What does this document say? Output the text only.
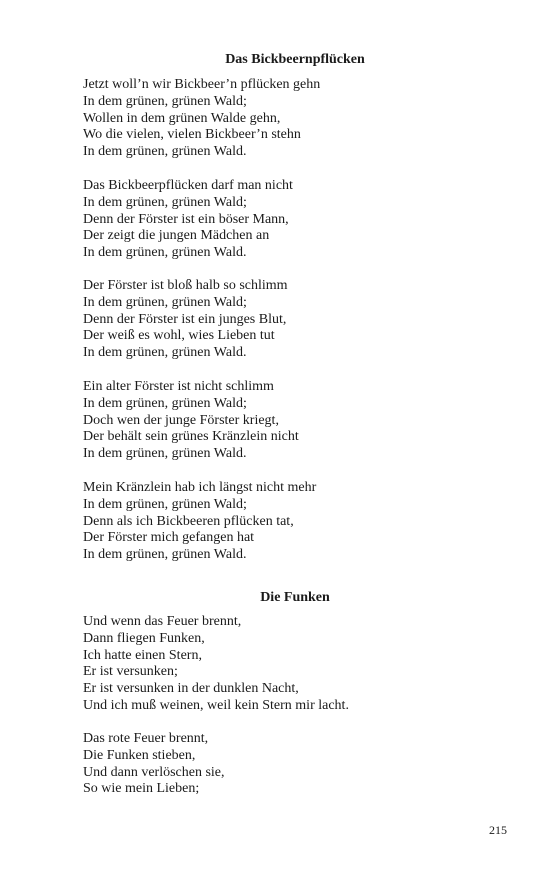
Das Bickbeernpflücken
Jetzt woll’n wir Bickbeer’n pflücken gehn
In dem grünen, grünen Wald;
Wollen in dem grünen Walde gehn,
Wo die vielen, vielen Bickbeer’n stehn
In dem grünen, grünen Wald.
Das Bickbeerpflücken darf man nicht
In dem grünen, grünen Wald;
Denn der Förster ist ein böser Mann,
Der zeigt die jungen Mädchen an
In dem grünen, grünen Wald.
Der Förster ist bloß halb so schlimm
In dem grünen, grünen Wald;
Denn der Förster ist ein junges Blut,
Der weiß es wohl, wies Lieben tut
In dem grünen, grünen Wald.
Ein alter Förster ist nicht schlimm
In dem grünen, grünen Wald;
Doch wen der junge Förster kriegt,
Der behält sein grünes Kränzlein nicht
In dem grünen, grünen Wald.
Mein Kränzlein hab ich längst nicht mehr
In dem grünen, grünen Wald;
Denn als ich Bickbeeren pflücken tat,
Der Förster mich gefangen hat
In dem grünen, grünen Wald.
Die Funken
Und wenn das Feuer brennt,
Dann fliegen Funken,
Ich hatte einen Stern,
Er ist versunken;
Er ist versunken in der dunklen Nacht,
Und ich muß weinen, weil kein Stern mir lacht.
Das rote Feuer brennt,
Die Funken stieben,
Und dann verlöschen sie,
So wie mein Lieben;
215
